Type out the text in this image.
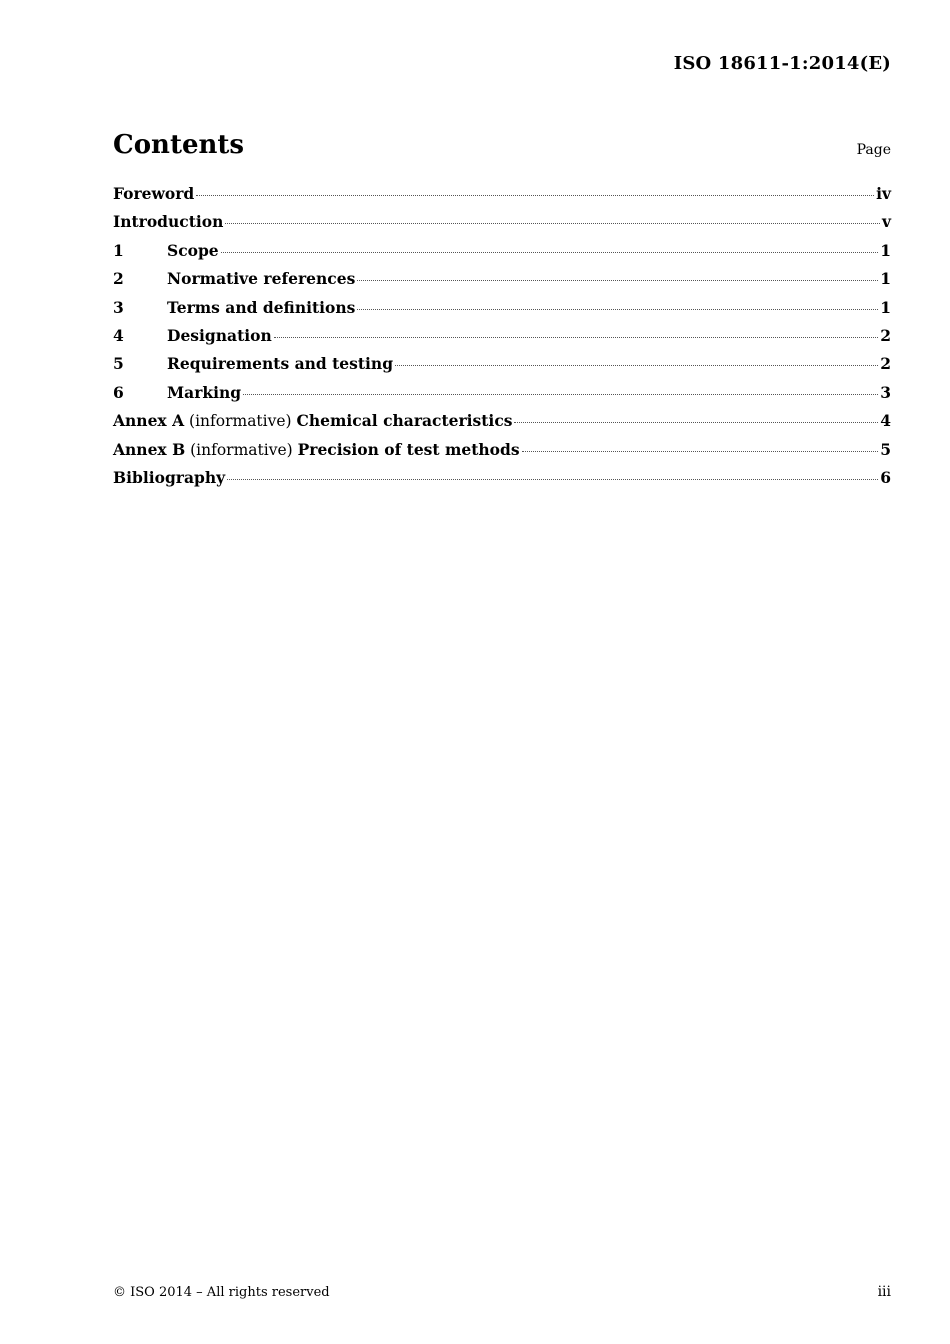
ISO 18611-1:2014(E)
Contents	Page
Foreword	iv
Introduction	v
1	Scope	1
2	Normative references	1
3	Terms and definitions	1
4	Designation	2
5	Requirements and testing	2
6	Marking	3
Annex A
(informative)
Chemical characteristics	4
Annex B
(informative)
Precision of test methods	5
Bibliography	6
© ISO 2014 – All rights reserved	iii
